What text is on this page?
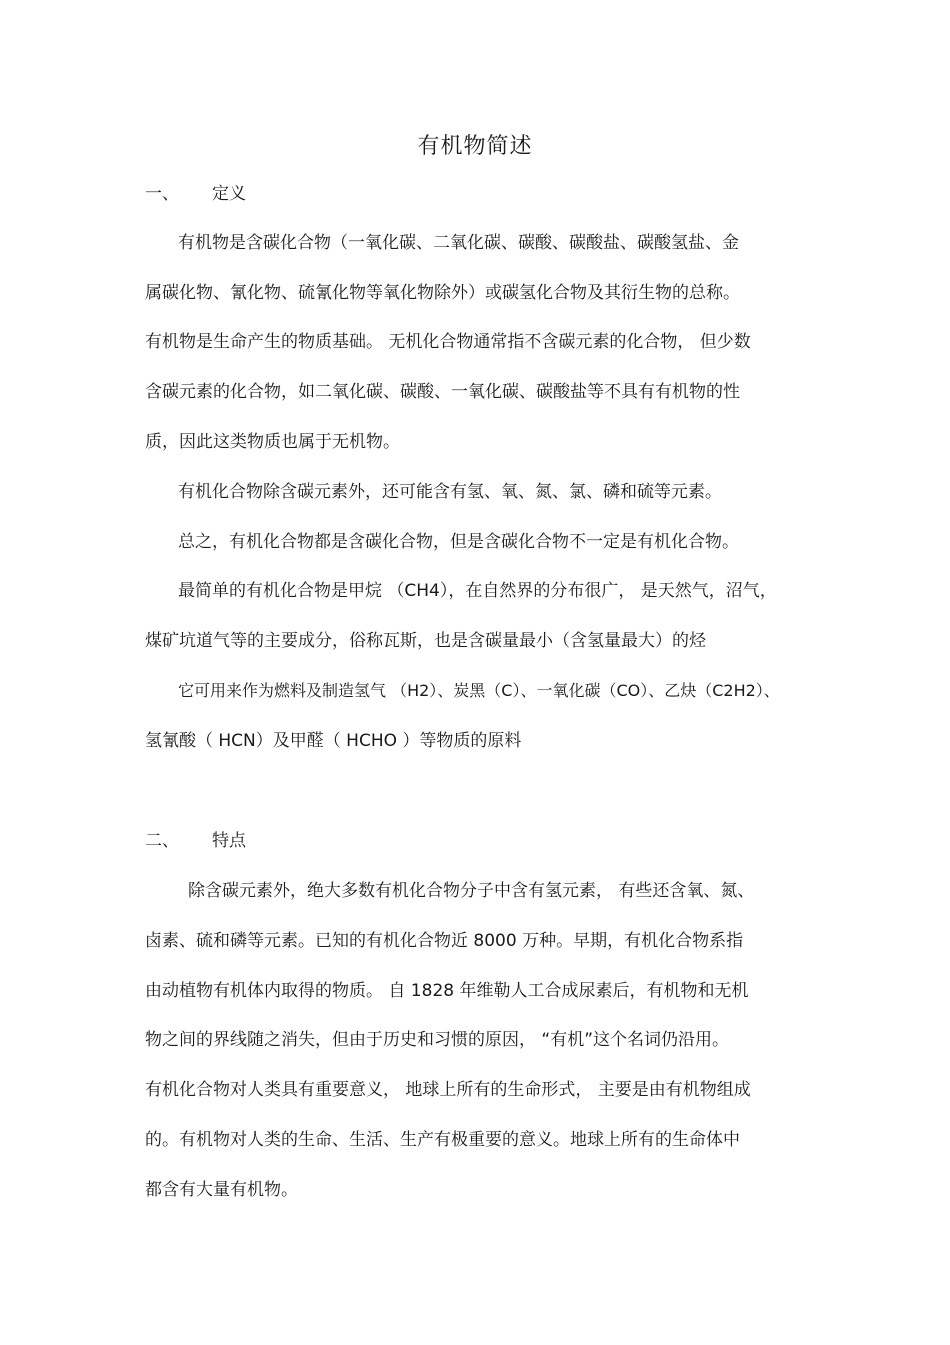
有机物简述
一、 定义
有机物是含碳化合物（一氧化碳、二氧化碳、碳酸、碳酸盐、碳酸氢盐、金
属碳化物、氰化物、硫氰化物等氧化物除外）或碳氢化合物及其衍生物的总称。
有机物是生命产生的物质基础。 无机化合物通常指不含碳元素的化合物， 但少数
含碳元素的化合物，如二氧化碳、碳酸、一氧化碳、碳酸盐等不具有有机物的性
质，因此这类物质也属于无机物。
有机化合物除含碳元素外，还可能含有氢、氧、氮、氯、磷和硫等元素。
总之，有机化合物都是含碳化合物，但是含碳化合物不一定是有机化合物。
最简单的有机化合物是甲烷 （CH4），在自然界的分布很广， 是天然气，沼气，
煤矿坑道气等的主要成分，俗称瓦斯，也是含碳量最小（含氢量最大）的烃
它可用来作为燃料及制造氢气 （H2）、炭黑（C）、一氧化碳（CO）、乙炔（C2H2）、
氢氰酸（ HCN）及甲醛（ HCHO ）等物质的原料
二、 特点
除含碳元素外，绝大多数有机化合物分子中含有氢元素， 有些还含氧、氮、
卤素、硫和磷等元素。已知的有机化合物近 8000 万种。早期，有机化合物系指
由动植物有机体内取得的物质。 自 1828 年维勒人工合成尿素后，有机物和无机
物之间的界线随之消失，但由于历史和习惯的原因， “有机”这个名词仍沿用。
有机化合物对人类具有重要意义， 地球上所有的生命形式， 主要是由有机物组成
的。有机物对人类的生命、生活、生产有极重要的意义。地球上所有的生命体中
都含有大量有机物。
